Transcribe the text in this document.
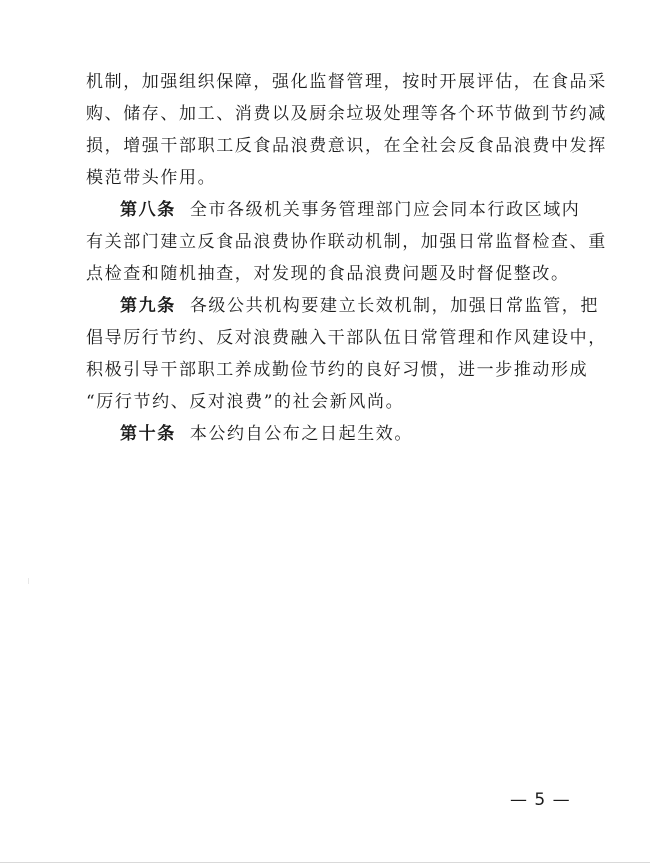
机制，加强组织保障，强化监督管理，按时开展评估，在食品采
购、储存、加工、消费以及厨余垃圾处理等各个环节做到节约减
损，增强干部职工反食品浪费意识，在全社会反食品浪费中发挥
模范带头作用。
第八条 全市各级机关事务管理部门应会同本行政区域内
有关部门建立反食品浪费协作联动机制，加强日常监督检查、重
点检查和随机抽查，对发现的食品浪费问题及时督促整改。
第九条 各级公共机构要建立长效机制，加强日常监管，把
倡导厉行节约、反对浪费融入干部队伍日常管理和作风建设中，
积极引导干部职工养成勤俭节约的良好习惯，进一步推动形成
“厉行节约、反对浪费”的社会新风尚。
第十条 本公约自公布之日起生效。
— 5 —
